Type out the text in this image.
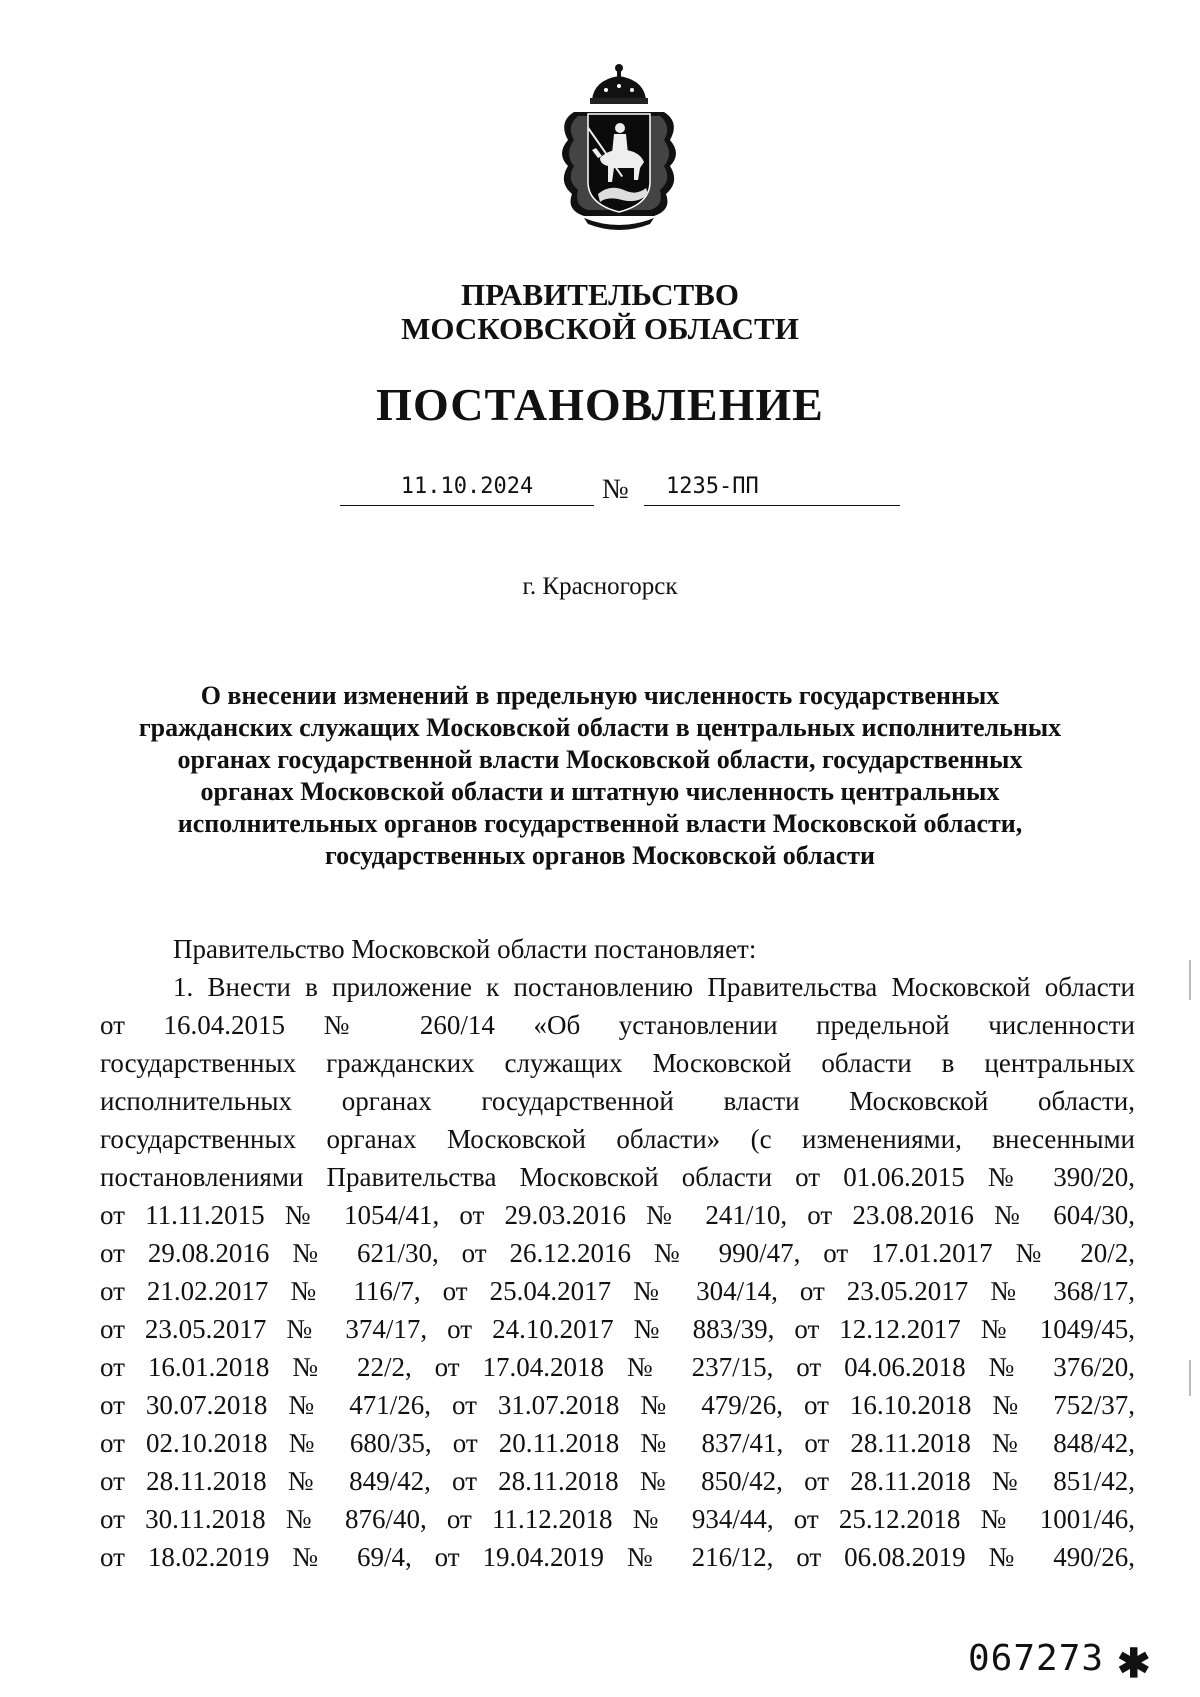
ПРАВИТЕЛЬСТВО
МОСКОВСКОЙ ОБЛАСТИ
ПОСТАНОВЛЕНИЕ
11.10.2024	№	1235-ПП
г. Красногорск
О внесении изменений в предельную численность государственных
гражданских служащих Московской области в центральных исполнительных
органах государственной власти Московской области, государственных
органах Московской области и штатную численность центральных
исполнительных органов государственной власти Московской области,
государственных органов Московской области
Правительство Московской области постановляет:
1. Внести в приложение к постановлению Правительства Московской области
от 16.04.2015 № 260/14 «Об установлении предельной численности
государственных гражданских служащих Московской области в центральных
исполнительных органах государственной власти Московской области,
государственных органах Московской области» (с изменениями, внесенными
постановлениями Правительства Московской области от 01.06.2015 № 390/20,
от 11.11.2015 № 1054/41, от 29.03.2016 № 241/10, от 23.08.2016 № 604/30,
от 29.08.2016 № 621/30, от 26.12.2016 № 990/47, от 17.01.2017 № 20/2,
от 21.02.2017 № 116/7, от 25.04.2017 № 304/14, от 23.05.2017 № 368/17,
от 23.05.2017 № 374/17, от 24.10.2017 № 883/39, от 12.12.2017 № 1049/45,
от 16.01.2018 № 22/2, от 17.04.2018 № 237/15, от 04.06.2018 № 376/20,
от 30.07.2018 № 471/26, от 31.07.2018 № 479/26, от 16.10.2018 № 752/37,
от 02.10.2018 № 680/35, от 20.11.2018 № 837/41, от 28.11.2018 № 848/42,
от 28.11.2018 № 849/42, от 28.11.2018 № 850/42, от 28.11.2018 № 851/42,
от 30.11.2018 № 876/40, от 11.12.2018 № 934/44, от 25.12.2018 № 1001/46,
от 18.02.2019 № 69/4, от 19.04.2019 № 216/12, от 06.08.2019 № 490/26,
067273 ✱
